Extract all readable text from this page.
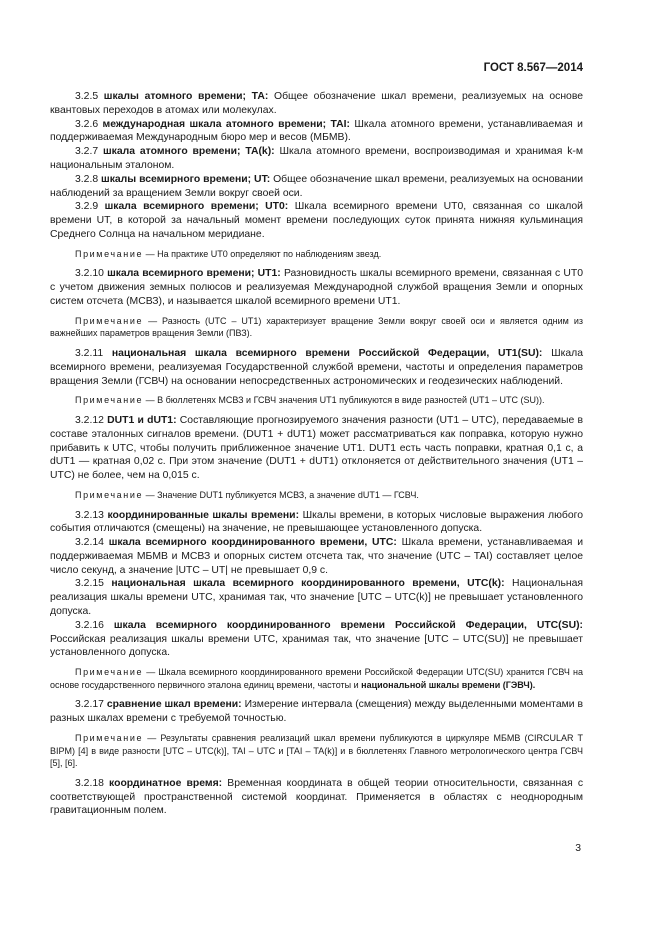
ГОСТ 8.567—2014

3.2.5 шкалы атомного времени; ТА: Общее обозначение шкал времени, реализуемых на основе квантовых переходов в атомах или молекулах.

3.2.6 международная шкала атомного времени; TAI: Шкала атомного времени, устанавливаемая и поддерживаемая Международным бюро мер и весов (МБМВ).

3.2.7 шкала атомного времени; TA(k): Шкала атомного времени, воспроизводимая и хранимая k-м национальным эталоном.

3.2.8 шкалы всемирного времени; UT: Общее обозначение шкал времени, реализуемых на основании наблюдений за вращением Земли вокруг своей оси.

3.2.9 шкала всемирного времени; UT0: Шкала всемирного времени UT0, связанная со шкалой времени UT, в которой за начальный момент времени последующих суток принята нижняя кульминация Среднего Солнца на начальном меридиане.

Примечание — На практике UT0 определяют по наблюдениям звезд.

3.2.10 шкала всемирного времени; UT1: Разновидность шкалы всемирного времени, связанная с UT0 с учетом движения земных полюсов и реализуемая Международной службой вращения Земли и опорных систем отсчета (МСВЗ), и называется шкалой всемирного времени UT1.

Примечание — Разность (UTC – UT1) характеризует вращение Земли вокруг своей оси и является одним из важнейших параметров вращения Земли (ПВЗ).

3.2.11 национальная шкала всемирного времени Российской Федерации, UT1(SU): Шкала всемирного времени, реализуемая Государственной службой времени, частоты и определения параметров вращения Земли (ГСВЧ) на основании непосредственных астрономических и геодезических наблюдений.

Примечание — В бюллетенях МСВЗ и ГСВЧ значения UT1 публикуются в виде разностей (UT1 – UTC (SU)).

3.2.12 DUT1 и dUT1: Составляющие прогнозируемого значения разности (UT1 – UTC), передаваемые в составе эталонных сигналов времени. (DUT1 + dUT1) может рассматриваться как поправка, которую нужно прибавить к UTC, чтобы получить приближенное значение UT1. DUT1 есть часть поправки, кратная 0,1 с, а dUT1 — кратная 0,02 с. При этом значение (DUT1 + dUT1) отклоняется от действительного значения (UT1 – UTC) не более, чем на 0,015 с.

Примечание — Значение DUT1 публикуется МСВЗ, а значение dUT1 — ГСВЧ.

3.2.13 координированные шкалы времени: Шкалы времени, в которых числовые выражения любого события отличаются (смещены) на значение, не превышающее установленного допуска.

3.2.14 шкала всемирного координированного времени, UTC: Шкала времени, устанавливаемая и поддерживаемая МБМВ и МСВЗ и опорных систем отсчета так, что значение (UTC – TAI) составляет целое число секунд, а значение |UTC – UT| не превышает 0,9 с.

3.2.15 национальная шкала всемирного координированного времени, UTC(k): Национальная реализация шкалы времени UTC, хранимая так, что значение [UTC – UTC(k)] не превышает установленного допуска.

3.2.16 шкала всемирного координированного времени Российской Федерации, UTC(SU): Российская реализация шкалы времени UTC, хранимая так, что значение [UTC – UTC(SU)] не превышает установленного допуска.

Примечание — Шкала всемирного координированного времени Российской Федерации UTC(SU) хранится ГСВЧ на основе государственного первичного эталона единиц времени, частоты и национальной шкалы времени (ГЭВЧ).

3.2.17 сравнение шкал времени: Измерение интервала (смещения) между выделенными моментами в разных шкалах времени с требуемой точностью.

Примечание — Результаты сравнения реализаций шкал времени публикуются в циркуляре МБМВ (CIRCULAR T BIPM) [4] в виде разности [UTC – UTC(k)], TAI – UTC и [TAI – TA(k)] и в бюллетенях Главного метрологического центра ГСВЧ [5], [6].

3.2.18 координатное время: Временная координата в общей теории относительности, связанная с соответствующей пространственной системой координат. Применяется в областях с неоднородным гравитационным полем.

3
